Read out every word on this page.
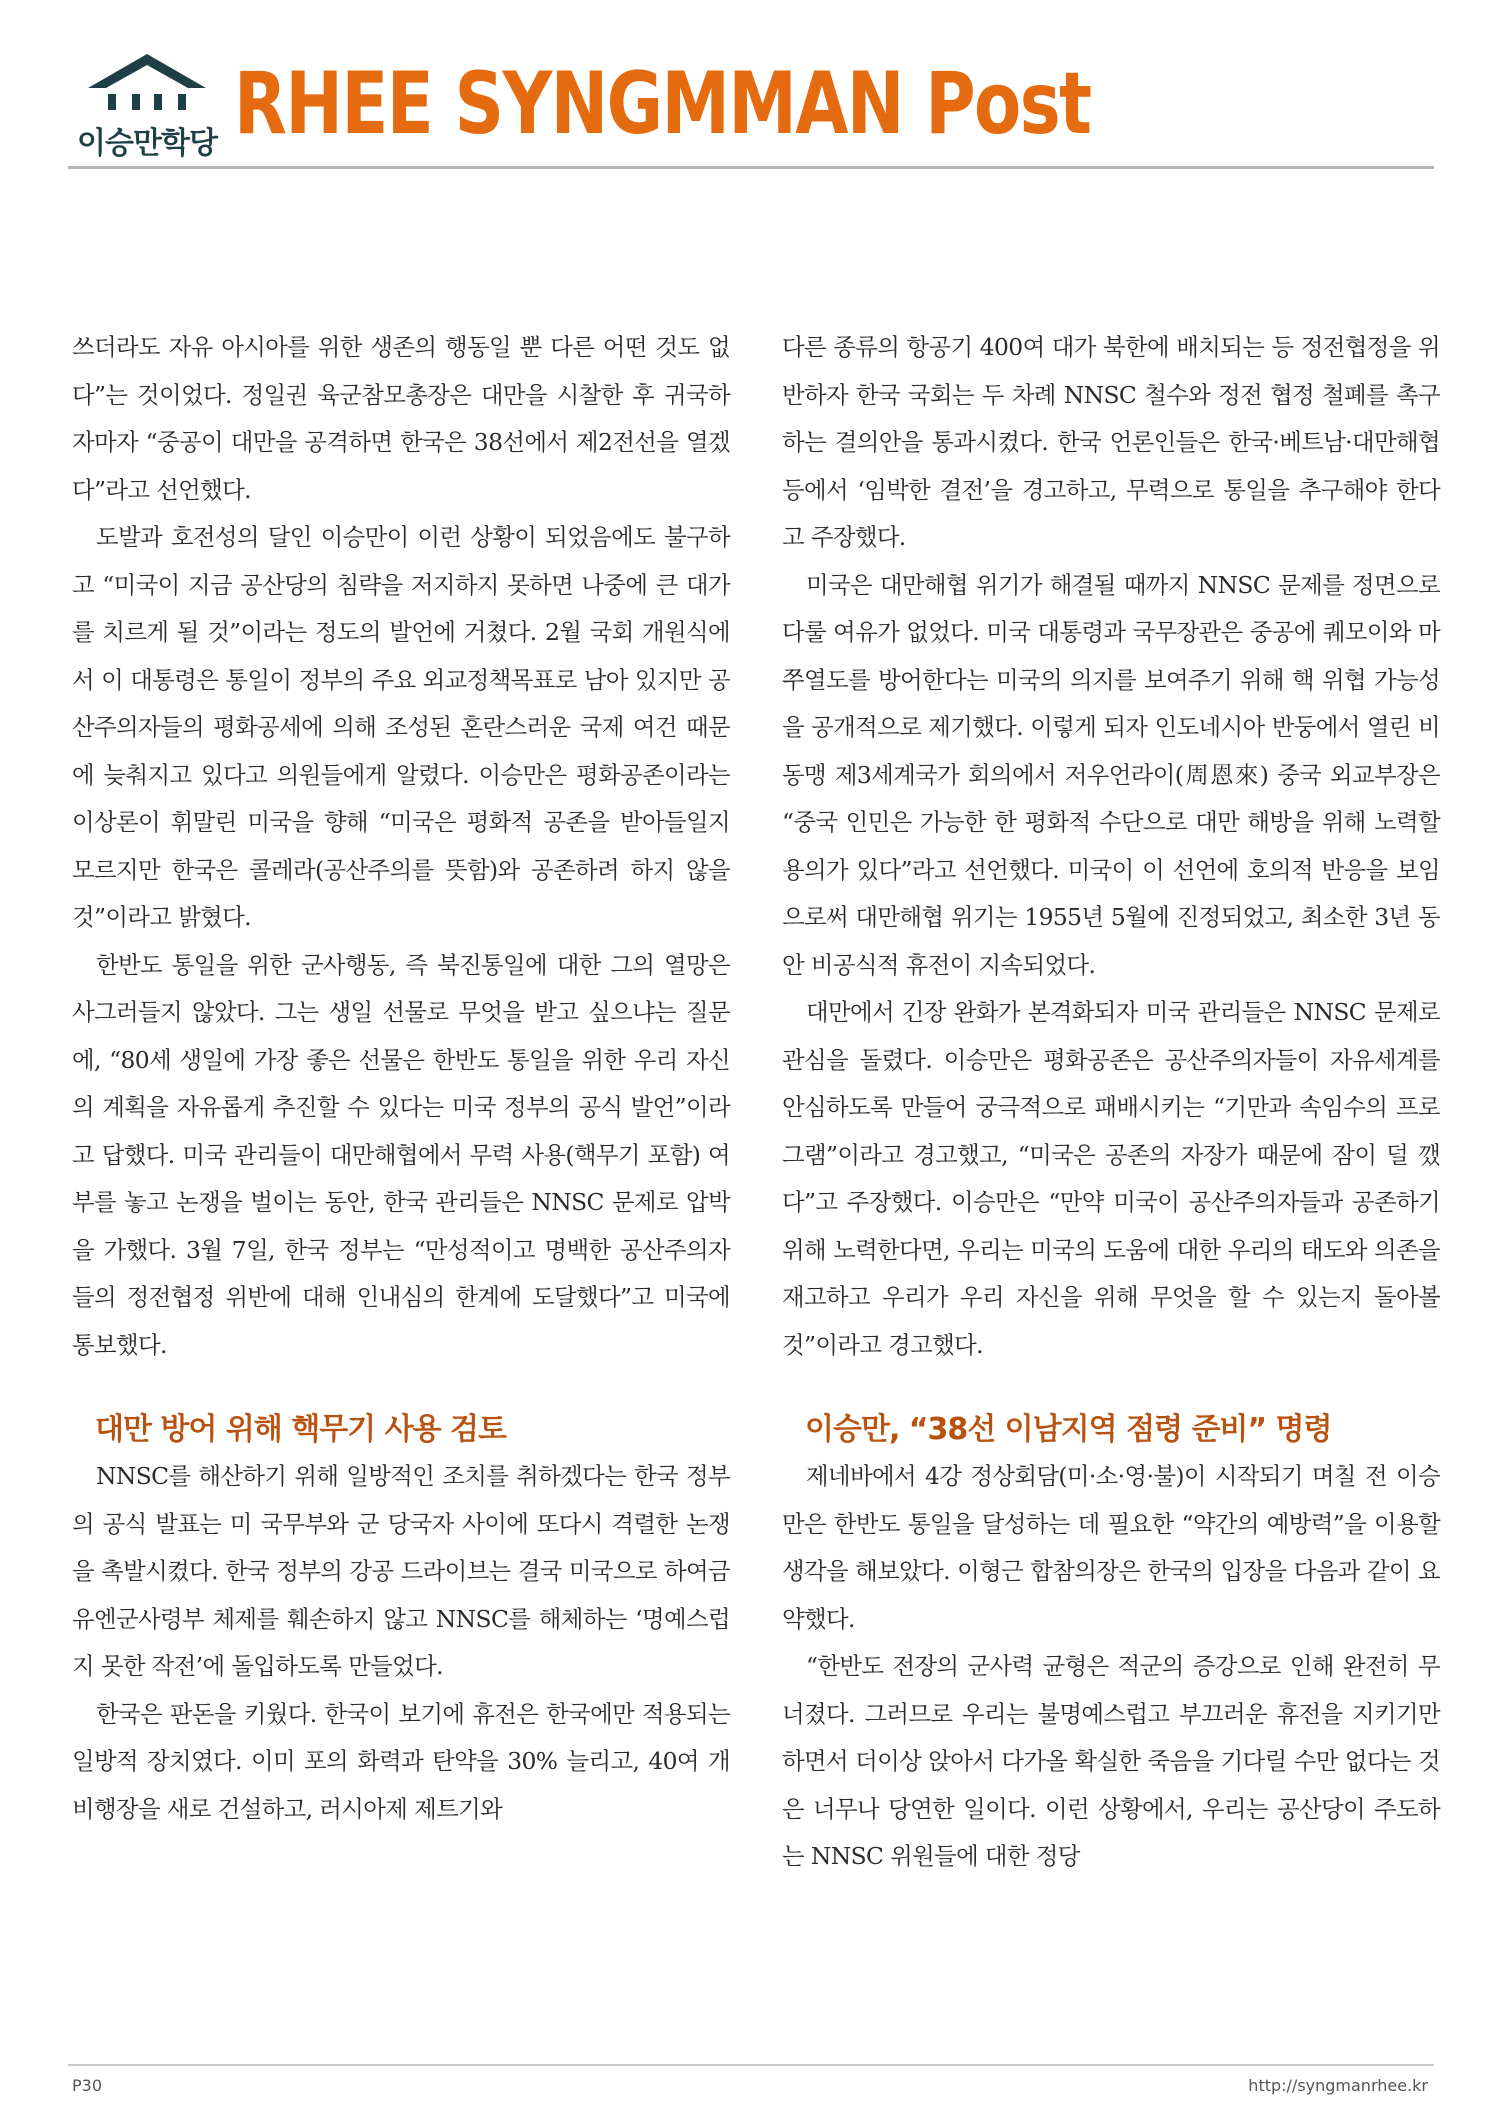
이승만학당 RHEE SYNGMMAN Post

쓰더라도 자유 아시아를 위한 생존의 행동일 뿐 다른 어떤 것도 없다”는 것이었다. 정일권 육군참모총장은 대만을 시찰한 후 귀국하자마자 “중공이 대만을 공격하면 한국은 38선에서 제2전선을 열겠다”라고 선언했다.

도발과 호전성의 달인 이승만이 이런 상황이 되었음에도 불구하고 “미국이 지금 공산당의 침략을 저지하지 못하면 나중에 큰 대가를 치르게 될 것”이라는 정도의 발언에 거쳤다. 2월 국회 개원식에서 이 대통령은 통일이 정부의 주요 외교정책목표로 남아 있지만 공산주의자들의 평화공세에 의해 조성된 혼란스러운 국제 여건 때문에 늦춰지고 있다고 의원들에게 알렸다. 이승만은 평화공존이라는 이상론이 휘말린 미국을 향해 “미국은 평화적 공존을 받아들일지 모르지만 한국은 콜레라(공산주의를 뜻함)와 공존하려 하지 않을 것”이라고 밝혔다.

한반도 통일을 위한 군사행동, 즉 북진통일에 대한 그의 열망은 사그러들지 않았다. 그는 생일 선물로 무엇을 받고 싶으냐는 질문에, “80세 생일에 가장 좋은 선물은 한반도 통일을 위한 우리 자신의 계획을 자유롭게 추진할 수 있다는 미국 정부의 공식 발언”이라고 답했다. 미국 관리들이 대만해협에서 무력 사용(핵무기 포함) 여부를 놓고 논쟁을 벌이는 동안, 한국 관리들은 NNSC 문제로 압박을 가했다. 3월 7일, 한국 정부는 “만성적이고 명백한 공산주의자들의 정전협정 위반에 대해 인내심의 한계에 도달했다”고 미국에 통보했다.

대만 방어 위해 핵무기 사용 검토

NNSC를 해산하기 위해 일방적인 조치를 취하겠다는 한국 정부의 공식 발표는 미 국무부와 군 당국자 사이에 또다시 격렬한 논쟁을 촉발시켰다. 한국 정부의 강공 드라이브는 결국 미국으로 하여금 유엔군사령부 체제를 훼손하지 않고 NNSC를 해체하는 ‘명예스럽지 못한 작전’에 돌입하도록 만들었다.

한국은 판돈을 키웠다. 한국이 보기에 휴전은 한국에만 적용되는 일방적 장치였다. 이미 포의 화력과 탄약을 30% 늘리고, 40여 개 비행장을 새로 건설하고, 러시아제 제트기와

다른 종류의 항공기 400여 대가 북한에 배치되는 등 정전협정을 위반하자 한국 국회는 두 차례 NNSC 철수와 정전 협정 철폐를 촉구하는 결의안을 통과시켰다. 한국 언론인들은 한국·베트남·대만해협 등에서 ‘임박한 결전’을 경고하고, 무력으로 통일을 추구해야 한다고 주장했다.

미국은 대만해협 위기가 해결될 때까지 NNSC 문제를 정면으로 다룰 여유가 없었다. 미국 대통령과 국무장관은 중공에 퀘모이와 마쭈열도를 방어한다는 미국의 의지를 보여주기 위해 핵 위협 가능성을 공개적으로 제기했다. 이렇게 되자 인도네시아 반둥에서 열린 비동맹 제3세계국가 회의에서 저우언라이(周恩來) 중국 외교부장은 “중국 인민은 가능한 한 평화적 수단으로 대만 해방을 위해 노력할 용의가 있다”라고 선언했다. 미국이 이 선언에 호의적 반응을 보임으로써 대만해협 위기는 1955년 5월에 진정되었고, 최소한 3년 동안 비공식적 휴전이 지속되었다.

대만에서 긴장 완화가 본격화되자 미국 관리들은 NNSC 문제로 관심을 돌렸다. 이승만은 평화공존은 공산주의자들이 자유세계를 안심하도록 만들어 궁극적으로 패배시키는 “기만과 속임수의 프로그램”이라고 경고했고, “미국은 공존의 자장가 때문에 잠이 덜 깼다”고 주장했다. 이승만은 “만약 미국이 공산주의자들과 공존하기 위해 노력한다면, 우리는 미국의 도움에 대한 우리의 태도와 의존을 재고하고 우리가 우리 자신을 위해 무엇을 할 수 있는지 돌아볼 것”이라고 경고했다.

이승만, “38선 이남지역 점령 준비” 명령

제네바에서 4강 정상회담(미·소·영·불)이 시작되기 며칠 전 이승만은 한반도 통일을 달성하는 데 필요한 “약간의 예방력”을 이용할 생각을 해보았다. 이형근 합참의장은 한국의 입장을 다음과 같이 요약했다.

“한반도 전장의 군사력 균형은 적군의 증강으로 인해 완전히 무너졌다. 그러므로 우리는 불명예스럽고 부끄러운 휴전을 지키기만 하면서 더이상 앉아서 다가올 확실한 죽음을 기다릴 수만 없다는 것은 너무나 당연한 일이다. 이런 상황에서, 우리는 공산당이 주도하는 NNSC 위원들에 대한 정당

P30	http://syngmanrhee.kr
